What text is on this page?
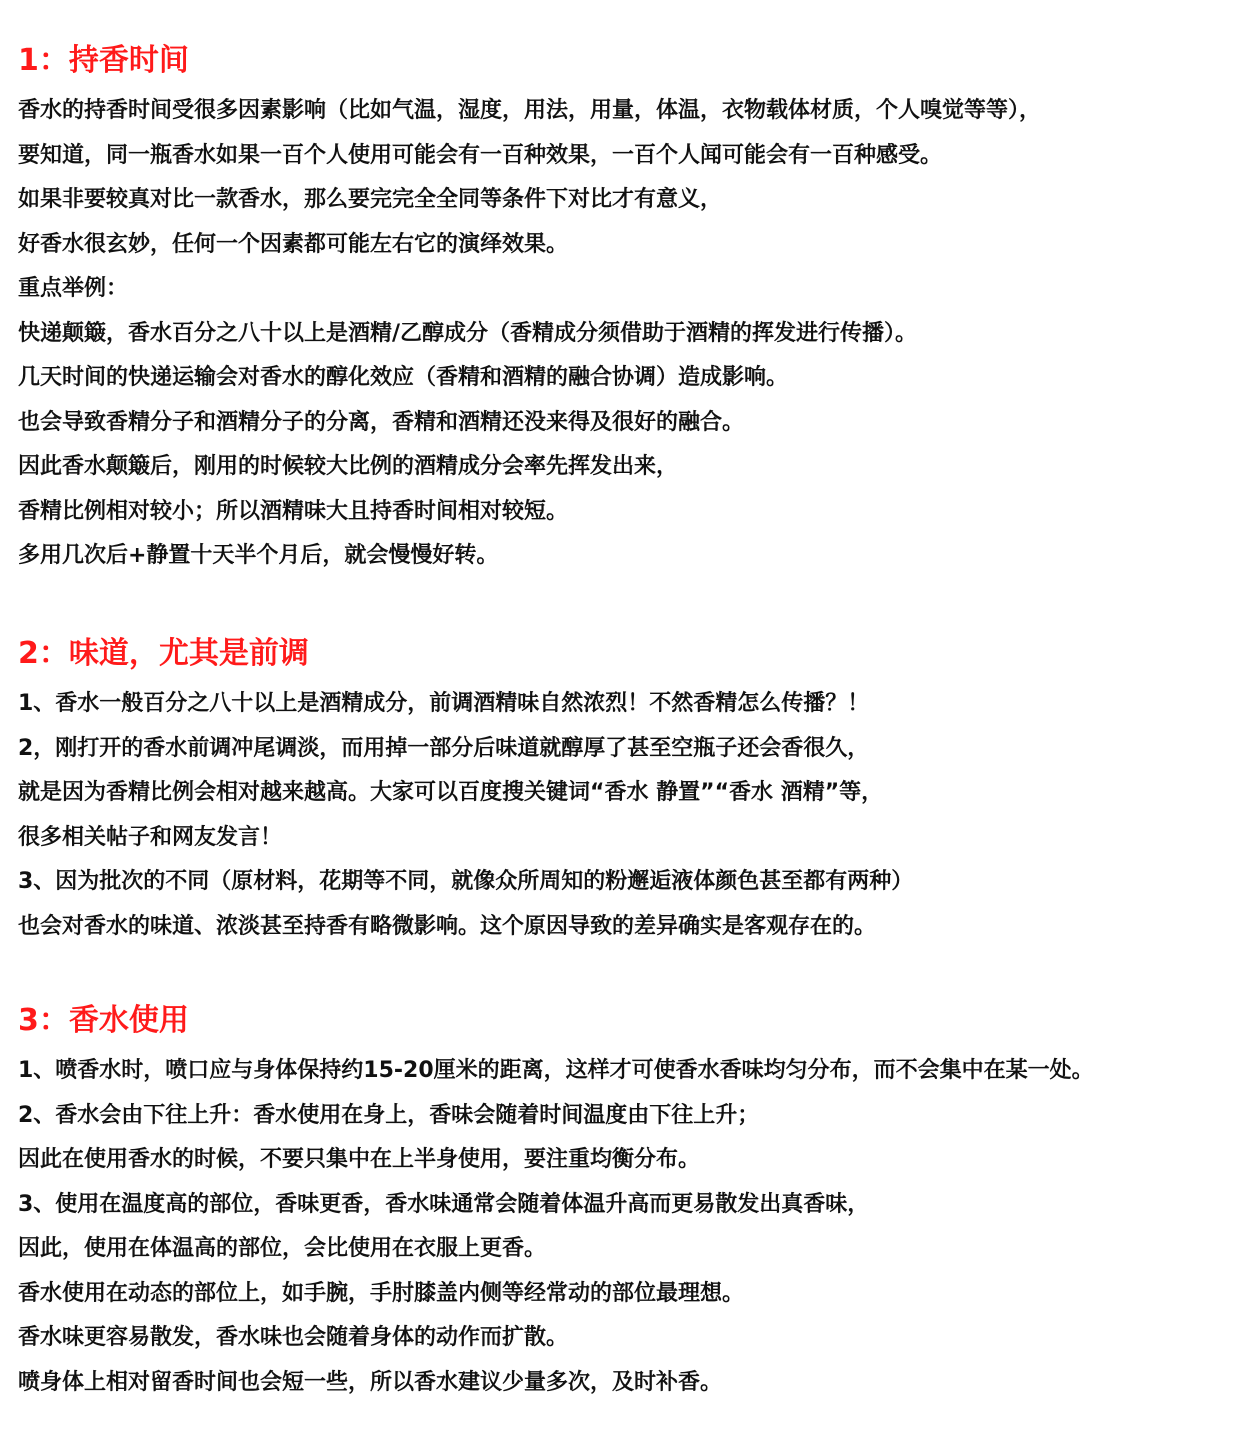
1：持香时间

香水的持香时间受很多因素影响（比如气温，湿度，用法，用量，体温，衣物载体材质，个人嗅觉等等），

要知道，同一瓶香水如果一百个人使用可能会有一百种效果，一百个人闻可能会有一百种感受。

如果非要较真对比一款香水，那么要完完全全同等条件下对比才有意义，

好香水很玄妙，任何一个因素都可能左右它的演绎效果。

重点举例：

快递颠簸，香水百分之八十以上是酒精/乙醇成分（香精成分须借助于酒精的挥发进行传播）。

几天时间的快递运输会对香水的醇化效应（香精和酒精的融合协调）造成影响。

也会导致香精分子和酒精分子的分离，香精和酒精还没来得及很好的融合。

因此香水颠簸后，刚用的时候较大比例的酒精成分会率先挥发出来，

香精比例相对较小；所以酒精味大且持香时间相对较短。

多用几次后+静置十天半个月后，就会慢慢好转。

2：味道，尤其是前调

1、香水一般百分之八十以上是酒精成分，前调酒精味自然浓烈！不然香精怎么传播？！

2，刚打开的香水前调冲尾调淡，而用掉一部分后味道就醇厚了甚至空瓶子还会香很久，

就是因为香精比例会相对越来越高。大家可以百度搜关键词“香水 静置”“香水 酒精”等，

很多相关帖子和网友发言！

3、因为批次的不同（原材料，花期等不同，就像众所周知的粉邂逅液体颜色甚至都有两种）

也会对香水的味道、浓淡甚至持香有略微影响。这个原因导致的差异确实是客观存在的。

3：香水使用

1、喷香水时，喷口应与身体保持约15-20厘米的距离，这样才可使香水香味均匀分布，而不会集中在某一处。

2、香水会由下往上升：香水使用在身上，香味会随着时间温度由下往上升；

因此在使用香水的时候，不要只集中在上半身使用，要注重均衡分布。

3、使用在温度高的部位，香味更香，香水味通常会随着体温升高而更易散发出真香味，

因此，使用在体温高的部位，会比使用在衣服上更香。

香水使用在动态的部位上，如手腕，手肘膝盖内侧等经常动的部位最理想。

香水味更容易散发，香水味也会随着身体的动作而扩散。

喷身体上相对留香时间也会短一些，所以香水建议少量多次，及时补香。
